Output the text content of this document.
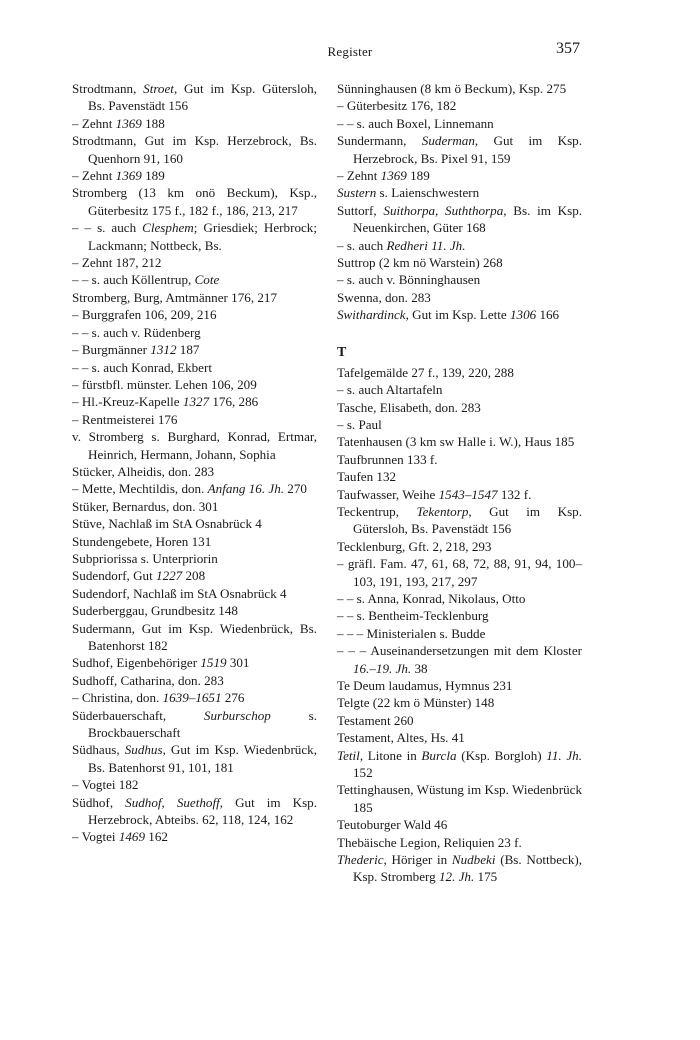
Register	357

Strodtmann, Stroet, Gut im Ksp. Gütersloh, Bs. Pavenstädt 156

– Zehnt 1369 188

Strodtmann, Gut im Ksp. Herzebrock, Bs. Quenhorn 91, 160

– Zehnt 1369 189

Stromberg (13 km onö Beckum), Ksp., Güterbesitz 175 f., 182 f., 186, 213, 217

– – s. auch Clesphem; Griesdiek; Herbrock; Lackmann; Nottbeck, Bs.

– Zehnt 187, 212

– – s. auch Köllentrup, Cote

Stromberg, Burg, Amtmänner 176, 217

– Burggrafen 106, 209, 216

– – s. auch v. Rüdenberg

– Burgmänner 1312 187

– – s. auch Konrad, Ekbert

– fürstbfl. münster. Lehen 106, 209

– Hl.-Kreuz-Kapelle 1327 176, 286

– Rentmeisterei 176

v. Stromberg s. Burghard, Konrad, Ertmar, Heinrich, Hermann, Johann, Sophia

Stücker, Alheidis, don. 283

– Mette, Mechtildis, don. Anfang 16. Jh. 270

Stüker, Bernardus, don. 301

Stüve, Nachlaß im StA Osnabrück 4

Stundengebete, Horen 131

Subpriorissa s. Unterpriorin

Sudendorf, Gut 1227 208

Sudendorf, Nachlaß im StA Osnabrück 4

Suderberggau, Grundbesitz 148

Sudermann, Gut im Ksp. Wiedenbrück, Bs. Batenhorst 182

Sudhof, Eigenbehöriger 1519 301

Sudhoff, Catharina, don. 283

– Christina, don. 1639–1651 276

Süderbauerschaft, Surburschop s. Brockbauerschaft

Südhaus, Sudhus, Gut im Ksp. Wiedenbrück, Bs. Batenhorst 91, 101, 181

– Vogtei 182

Südhof, Sudhof, Suethoff, Gut im Ksp. Herzebrock, Abteibs. 62, 118, 124, 162

– Vogtei 1469 162

Sünninghausen (8 km ö Beckum), Ksp. 275

– Güterbesitz 176, 182

– – s. auch Boxel, Linnemann

Sundermann, Suderman, Gut im Ksp. Herzebrock, Bs. Pixel 91, 159

– Zehnt 1369 189

Sustern s. Laienschwestern

Suttorf, Suithorpa, Suththorpa, Bs. im Ksp. Neuenkirchen, Güter 168

– s. auch Redheri 11. Jh.

Suttrop (2 km nö Warstein) 268

– s. auch v. Bönninghausen

Swenna, don. 283

Swithardinck, Gut im Ksp. Lette 1306 166

T

Tafelgemälde 27 f., 139, 220, 288

– s. auch Altartafeln

Tasche, Elisabeth, don. 283

– s. Paul

Tatenhausen (3 km sw Halle i. W.), Haus 185

Taufbrunnen 133 f.

Taufen 132

Taufwasser, Weihe 1543–1547 132 f.

Teckentrup, Tekentorp, Gut im Ksp. Gütersloh, Bs. Pavenstädt 156

Tecklenburg, Gft. 2, 218, 293

– gräfl. Fam. 47, 61, 68, 72, 88, 91, 94, 100–103, 191, 193, 217, 297

– – s. Anna, Konrad, Nikolaus, Otto

– – s. Bentheim-Tecklenburg

– – – Ministerialen s. Budde

– – – Auseinandersetzungen mit dem Kloster 16.–19. Jh. 38

Te Deum laudamus, Hymnus 231

Telgte (22 km ö Münster) 148

Testament 260

Testament, Altes, Hs. 41

Tetil, Litone in Burcla (Ksp. Borgloh) 11. Jh. 152

Tettinghausen, Wüstung im Ksp. Wiedenbrück 185

Teutoburger Wald 46

Thebäische Legion, Reliquien 23 f.

Thederic, Höriger in Nudbeki (Bs. Nottbeck), Ksp. Stromberg 12. Jh. 175
